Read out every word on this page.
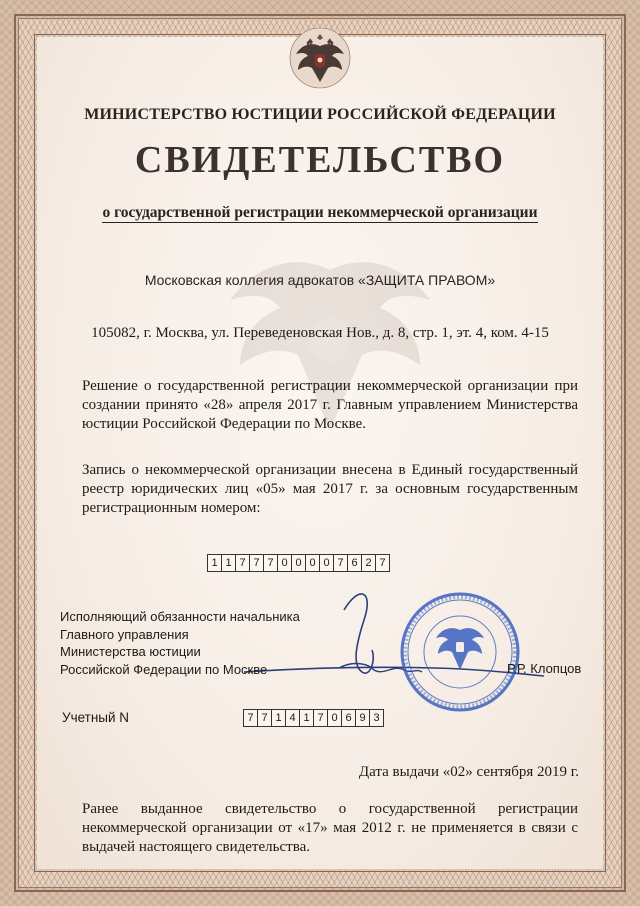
МИНИСТЕРСТВО ЮСТИЦИИ РОССИЙСКОЙ ФЕДЕРАЦИИ
СВИДЕТЕЛЬСТВО
о государственной регистрации некоммерческой организации
Московская коллегия адвокатов «ЗАЩИТА ПРАВОМ»
105082, г. Москва, ул. Переведеновская Нов., д. 8, стр. 1, эт. 4, ком. 4-15
Решение о государственной регистрации некоммерческой организации при создании принято «28» апреля 2017 г. Главным управлением Министерства юстиции Российской Федерации по Москве.
Запись о некоммерческой организации внесена в Единый государственный реестр юридических лиц «05» мая 2017 г. за основным государственным регистрационным номером:
1 1 7 7 7 0 0 0 0 7 6 2 7
Исполняющий обязанности начальника
Главного управления
Министерства юстиции
Российской Федерации по Москве	Р.Р. Клопцов
Учетный N	7 7 1 4 1 7 0 6 9 3
Дата выдачи «02» сентября 2019 г.
Ранее выданное свидетельство о государственной регистрации некоммерческой организации от «17» мая 2012 г. не применяется в связи с выдачей настоящего свидетельства.
